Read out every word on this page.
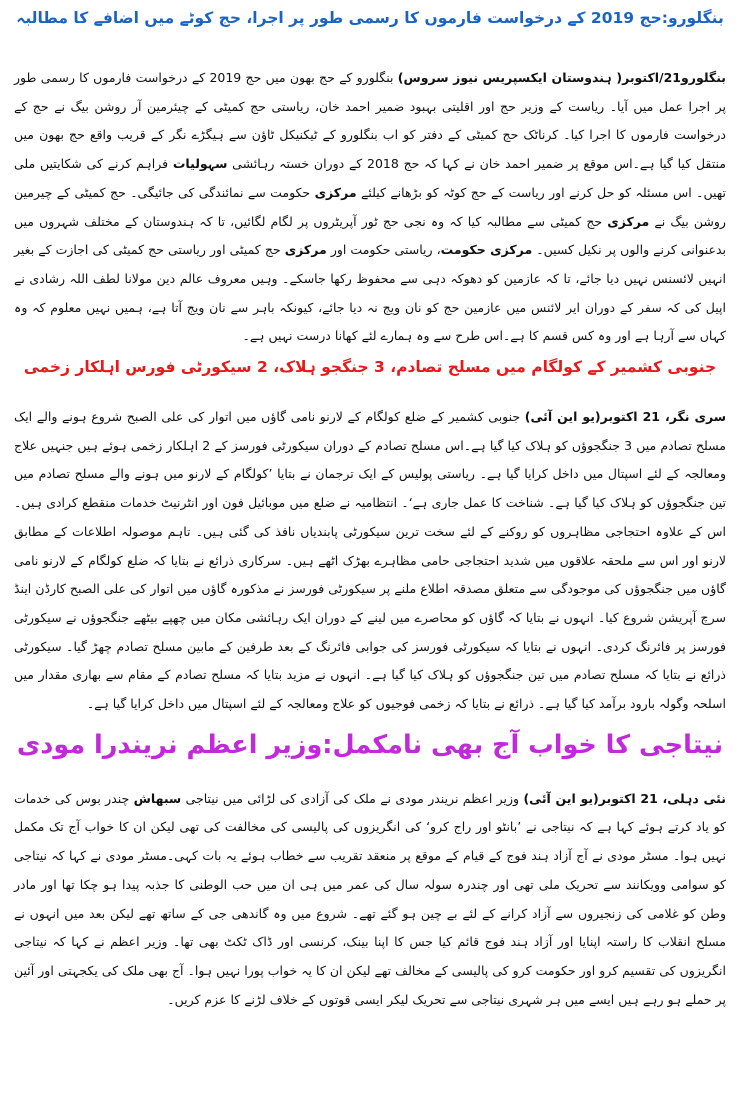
بنگلورو:حج 2019 کے درخواست فارموں کا رسمی طور پر اجرا، حج کوٹے میں اضافے کا مطالبہ

بنگلورو21/اکتوبر( ہندوستان ایکسپریس نیوز سروس) بنگلورو کے حج بھون میں حج 2019 کے درخواست فارموں کا رسمی طور پر اجرا عمل میں آیا۔ ریاست کے وزیر حج اور اقلیتی بہبود ضمیر احمد خان، ریاستی حج کمیٹی کے چیئرمین آر روشن بیگ نے حج کے درخواست فارموں کا اجرا کیا۔ کرناٹک حج کمیٹی کے دفتر کو اب بنگلورو کے ٹیکنیکل ٹاؤن سے ہیگڑے نگر کے قریب واقع حج بھون میں منتقل کیا گیا ہے۔اس موقع پر ضمیر احمد خان نے کہا کہ حج 2018 کے دوران خستہ رہائشی سہولیات فراہم کرنے کی شکایتیں ملی تھیں۔ اس مسئلہ کو حل کرنے اور ریاست کے حج کوٹہ کو بڑھانے کیلئے مرکزی حکومت سے نمائندگی کی جائیگی۔ حج کمیٹی کے چیرمین روشن بیگ نے مرکزی حج کمیٹی سے مطالبہ کیا کہ وہ نجی حج ٹور آپریٹروں پر لگام لگائیں، تا کہ ہندوستان کے مختلف شہروں میں بدعنوانی کرنے والوں پر نکیل کسیں۔ مرکزی حکومت، ریاستی حکومت اور مرکزی حج کمیٹی اور ریاستی حج کمیٹی کی اجازت کے بغیر انہیں لائسنس نہیں دیا جائے، تا کہ عازمین کو دھوکہ دہی سے محفوظ رکھا جاسکے۔ وہیں معروف عالم دین مولانا لطف اللہ رشادی نے اپیل کی کہ سفر کے دوران ایر لائنس میں عازمین حج کو نان ویج نہ دیا جائے، کیونکہ باہر سے نان ویج آتا ہے، ہمیں نہیں معلوم کہ وہ کہاں سے آرہا ہے اور وہ کس قسم کا ہے۔اس طرح سے وہ ہمارے لئے کھانا درست نہیں ہے۔

جنوبی کشمیر کے کولگام میں مسلح تصادم، 3 جنگجو ہلاک، 2 سیکورٹی فورس اہلکار زخمی

سری نگر، 21 اکتوبر(یو این آئی) جنوبی کشمیر کے ضلع کولگام کے لارنو نامی گاؤں میں اتوار کی علی الصبح شروع ہونے والے ایک مسلح تصادم میں 3 جنگجوؤں کو ہلاک کیا گیا ہے۔اس مسلح تصادم کے دوران سیکورٹی فورسز کے 2 اہلکار زخمی ہوئے ہیں جنہیں علاج ومعالجہ کے لئے اسپتال میں داخل کرایا گیا ہے۔ ریاستی پولیس کے ایک ترجمان نے بتایا ’کولگام کے لارنو میں ہونے والے مسلح تصادم میں تین جنگجوؤں کو ہلاک کیا گیا ہے۔ شناخت کا عمل جاری ہے‘۔ انتظامیہ نے ضلع میں موبائیل فون اور انٹرنیٹ خدمات منقطع کرادی ہیں۔ اس کے علاوہ احتجاجی مظاہروں کو روکنے کے لئے سخت ترین سیکورٹی پابندیاں نافذ کی گئی ہیں۔ تاہم موصولہ اطلاعات کے مطابق لارنو اور اس سے ملحقہ علاقوں میں شدید احتجاجی حامی مظاہرے بھڑک اٹھے ہیں۔ سرکاری ذرائع نے بتایا کہ ضلع کولگام کے لارنو نامی گاؤں میں جنگجوؤں کی موجودگی سے متعلق مصدقہ اطلاع ملنے پر سیکورٹی فورسز نے مذکورہ گاؤں میں اتوار کی علی الصبح کارڈن اینڈ سرچ آپریشن شروع کیا۔ انہوں نے بتایا کہ گاؤں کو محاصرے میں لینے کے دوران ایک رہائشی مکان میں چھپے بیٹھے جنگجوؤں نے سیکورٹی فورسز پر فائرنگ کردی۔ انہوں نے بتایا کہ سیکورٹی فورسز کی جوابی فائرنگ کے بعد طرفین کے مابین مسلح تصادم چھڑ گیا۔ سیکورٹی ذرائع نے بتایا کہ مسلح تصادم میں تین جنگجوؤں کو ہلاک کیا گیا ہے۔ انہوں نے مزید بتایا کہ مسلح تصادم کے مقام سے بھاری مقدار میں اسلحہ وگولہ بارود برآمد کیا گیا ہے۔ ذرائع نے بتایا کہ زخمی فوجیوں کو علاج ومعالجہ کے لئے اسپتال میں داخل کرایا گیا ہے۔

نیتاجی کا خواب آج بھی نامکمل:وزیر اعظم نریندرا مودی

نئی دہلی، 21 اکتوبر(یو این آئی) وزیر اعظم نریندر مودی نے ملک کی آزادی کی لڑائی میں نیتاجی سبھاش چندر بوس کی خدمات کو یاد کرتے ہوئے کہا ہے کہ نیتاجی نے ’بانٹو اور راج کرو‘ کی انگریزوں کی پالیسی کی مخالفت کی تھی لیکن ان کا خواب آج تک مکمل نہیں ہوا۔ مسٹر مودی نے آج آزاد ہند فوج کے قیام کے موقع پر منعقد تقریب سے خطاب ہوئے یہ بات کہی۔مسٹر مودی نے کہا کہ نیتاجی کو سوامی وویکانند سے تحریک ملی تھی اور چندرہ سولہ سال کی عمر میں ہی ان میں حب الوطنی کا جذبہ پیدا ہو چکا تھا اور مادر وطن کو غلامی کی زنجیروں سے آزاد کرانے کے لئے بے چین ہو گئے تھے۔ شروع میں وہ گاندھی جی کے ساتھ تھے لیکن بعد میں انہوں نے مسلح انقلاب کا راستہ اپنایا اور آزاد ہند فوج قائم کیا جس کا اپنا بینک، کرنسی اور ڈاک ٹکٹ بھی تھا۔ وزیر اعظم نے کہا کہ نیتاجی انگریزوں کی تقسیم کرو اور حکومت کرو کی پالیسی کے مخالف تھے لیکن ان کا یہ خواب پورا نہیں ہوا۔ آج بھی ملک کی یکجہتی اور آئین پر حملے ہو رہے ہیں ایسے میں ہر شہری نیتاجی سے تحریک لیکر ایسی قوتوں کے خلاف لڑنے کا عزم کریں۔
